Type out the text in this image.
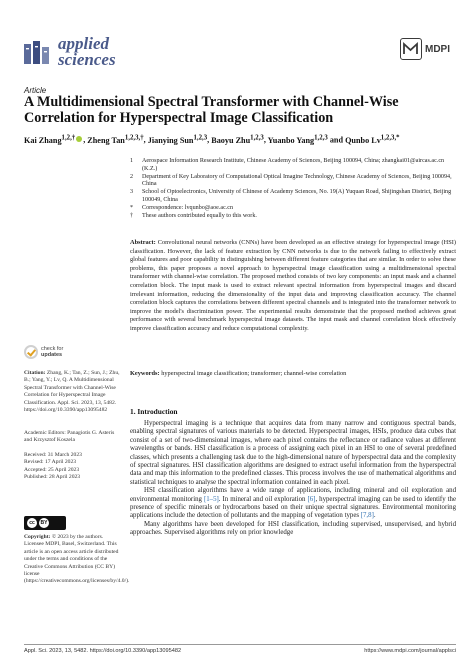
applied
sciences
MDPI
Article
A Multidimensional Spectral Transformer with Channel-Wise Correlation for Hyperspectral Image Classification
Kai Zhang$^{1,2,\dagger}$ , Zheng Tan$^{1,2,3,\dagger}$, Jianying Sun$^{1,2,3}$, Baoyu Zhu$^{1,2,3}$, Yuanbo Yang$^{1,2,3}$ and Qunbo $Lv^{1,2,3,*}$
1	Aerospace Information Research Institute, Chinese Academy of Sciences, Beijing 100094, China; zhangkai01@aircas.ac.cn (K.Z.)
2	Department of Key Laboratory of Computational Optical Imagine Technology, Chinese Academy of Sciences, Beijing 100094, China
3	School of Optoelectronics, University of Chinese of Academy Sciences, No. 19(A) Yuquan Road, Shijingshan District, Beijing 100049, China
*	Correspondence: lvqunbo@aoe.ac.cn
†	These authors contributed equally to this work.
Abstract: Convolutional neural networks (CNNs) have been developed as an effective strategy for hyperspectral image (HSI) classification. However, the lack of feature extraction by CNN networks is due to the network failing to effectively extract global features and poor capability in distinguishing between different feature categories that are similar. In order to solve these problems, this paper proposes a novel approach to hyperspectral image classification using a multidimensional spectral transformer with channel-wise correlation. The proposed method consists of two key components: an input mask and a channel correlation block. The input mask is used to extract relevant spectral information from hyperspectral images and discard irrelevant information, reducing the dimensionality of the input data and improving classification accuracy. The channel correlation block captures the correlations between different spectral channels and is integrated into the transformer network to improve the model's discrimination power. The experimental results demonstrate that the proposed method achieves great performance with several benchmark hyperspectral image datasets. The input mask and channel correlation block effectively improve classification accuracy and reduce computational complexity.
Keywords: hyperspectral image classification; transformer; channel-wise correlation
check for
updates
Citation: Zhang, K.; Tan, Z.; Sun, J.; Zhu, B.; Yang, Y.; Lv, Q. A Multidimensional Spectral Transformer with Channel-Wise Correlation for Hyperspectral Image Classification. Appl. Sci. 2023, 13, 5482. https://doi.org/10.3390/app13095482
Academic Editors: Panagiotis G. Asteris and Krzysztof Koszela
Received: 31 March 2023
Revised: 17 April 2023
Accepted: 25 April 2023
Published: 28 April 2023
cc	BY
Copyright: © 2023 by the authors. Licensee MDPI, Basel, Switzerland. This article is an open access article distributed under the terms and conditions of the Creative Commons Attribution (CC BY) license (https://creativecommons.org/licenses/by/4.0/).
1. Introduction

Hyperspectral imaging is a technique that acquires data from many narrow and contiguous spectral bands, enabling spectral signatures of various materials to be detected. Hyperspectral images, HSIs, produce data cubes that consist of a set of two-dimensional images, where each pixel contains the reflectance or radiance values at different wavelengths or bands. HSI classification is a process of assigning each pixel in an HSI to one of several predefined classes, which presents a challenging task due to the high-dimensional nature of hyperspectral data and the complexity of spectral signatures. HSI classification algorithms are designed to extract useful information from the hyperspectral data and map this information to the predefined classes. This process involves the use of mathematical algorithms and statistical techniques to analyse the spectral information contained in each pixel.

HSI classification algorithms have a wide range of applications, including mineral and oil exploration and environmental monitoring [1–5]. In mineral and oil exploration [6], hyperspectral imaging can be used to identify the presence of specific minerals or hydrocarbons based on their unique spectral signatures. Environmental monitoring applications include the detection of pollutants and the mapping of vegetation types [7,8].

Many algorithms have been developed for HSI classification, including supervised, unsupervised, and hybrid approaches. Supervised algorithms rely on prior knowledge

Appl. Sci. 2023, 13, 5482. https://doi.org/10.3390/app13095482	https://www.mdpi.com/journal/applsci
